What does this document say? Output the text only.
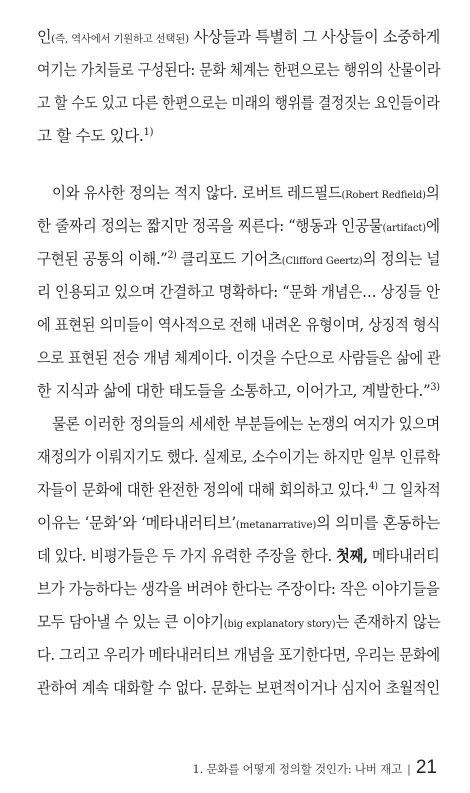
인(즉, 역사에서 기원하고 선택된) 사상들과 특별히 그 사상들이 소중하게
여기는 가치들로 구성된다: 문화 체계는 한편으로는 행위의 산물이라
고 할 수도 있고 다른 한편으로는 미래의 행위를 결정짓는 요인들이라
고 할 수도 있다.$^{1)}$
이와 유사한 정의는 적지 않다. 로버트 레드필드(Robert Redfield)의
한 줄짜리 정의는 짧지만 정곡을 찌른다: “행동과 인공물(artifact)에
구현된 공통의 이해.”$^{2)}$ 클리포드 기어츠(Clifford Geertz)의 정의는 널
리 인용되고 있으며 간결하고 명확하다: “문화 개념은… 상징들 안
에 표현된 의미들이 역사적으로 전해 내려온 유형이며, 상징적 형식
으로 표현된 전승 개념 체계이다. 이것을 수단으로 사람들은 삶에 관
한 지식과 삶에 대한 태도들을 소통하고, 이어가고, 계발한다.”$^{3)}$
물론 이러한 정의들의 세세한 부분들에는 논쟁의 여지가 있으며
재정의가 이뤄지기도 했다. 실제로, 소수이기는 하지만 일부 인류학
자들이 문화에 대한 완전한 정의에 대해 회의하고 있다.$^{4)}$ 그 일차적
이유는 ‘문화’와 ‘메타내러티브’(metanarrative)의 의미를 혼동하는
데 있다. 비평가들은 두 가지 유력한 주장을 한다. 첫째, 메타내러티
브가 가능하다는 생각을 버려야 한다는 주장이다: 작은 이야기들을
모두 담아낼 수 있는 큰 이야기(big explanatory story)는 존재하지 않는
다. 그리고 우리가 메타내러티브 개념을 포기한다면, 우리는 문화에
관하여 계속 대화할 수 없다. 문화는 보편적이거나 심지어 초월적인
1. 문화를 어떻게 정의할 것인가: 나버 재고 | 21
